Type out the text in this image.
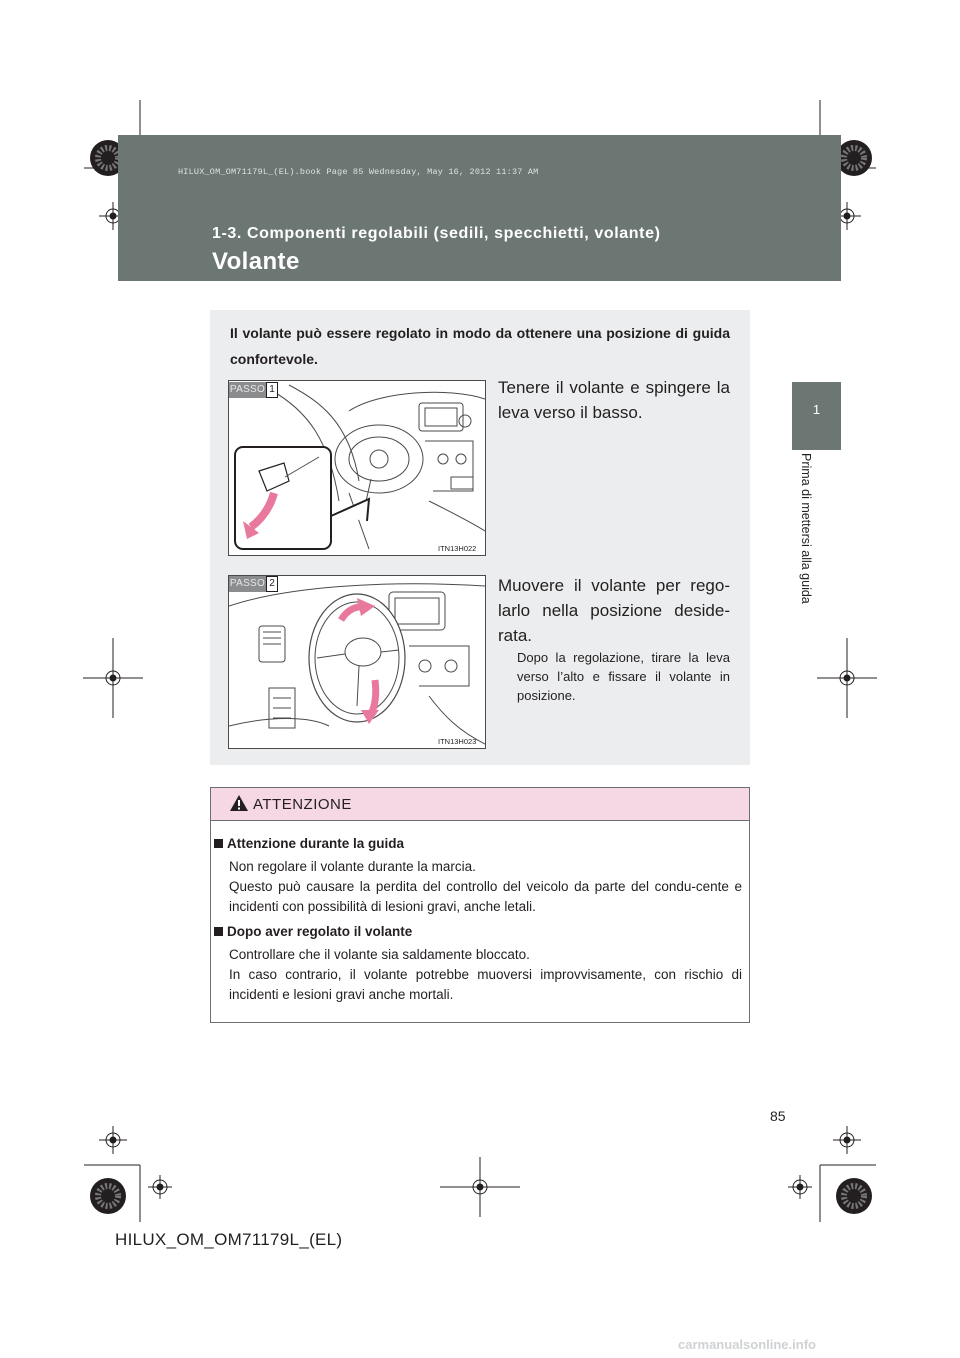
HILUX_OM_OM71179L_(EL).book Page 85 Wednesday, May 16, 2012 11:37 AM
1-3. Componenti regolabili (sedili, specchietti, volante)
Volante
1
Prima di mettersi alla guida
Il volante può essere regolato in modo da ottenere una posizione di guida confortevole.
ITN13H022
PASSO 1	Tenere il volante e spingere la leva verso il basso.
ITN13H023
PASSO 2	Muovere il volante per rego-larlo nella posizione deside-rata.
Dopo la regolazione, tirare la leva verso l’alto e fissare il volante in posizione.
ATTENZIONE
Attenzione durante la guida
Non regolare il volante durante la marcia.
Questo può causare la perdita del controllo del veicolo da parte del condu-cente e incidenti con possibilità di lesioni gravi, anche letali.
Dopo aver regolato il volante
Controllare che il volante sia saldamente bloccato.
In caso contrario, il volante potrebbe muoversi improvvisamente, con rischio di incidenti e lesioni gravi anche mortali.
85
HILUX_OM_OM71179L_(EL)
carmanualsonline.info
